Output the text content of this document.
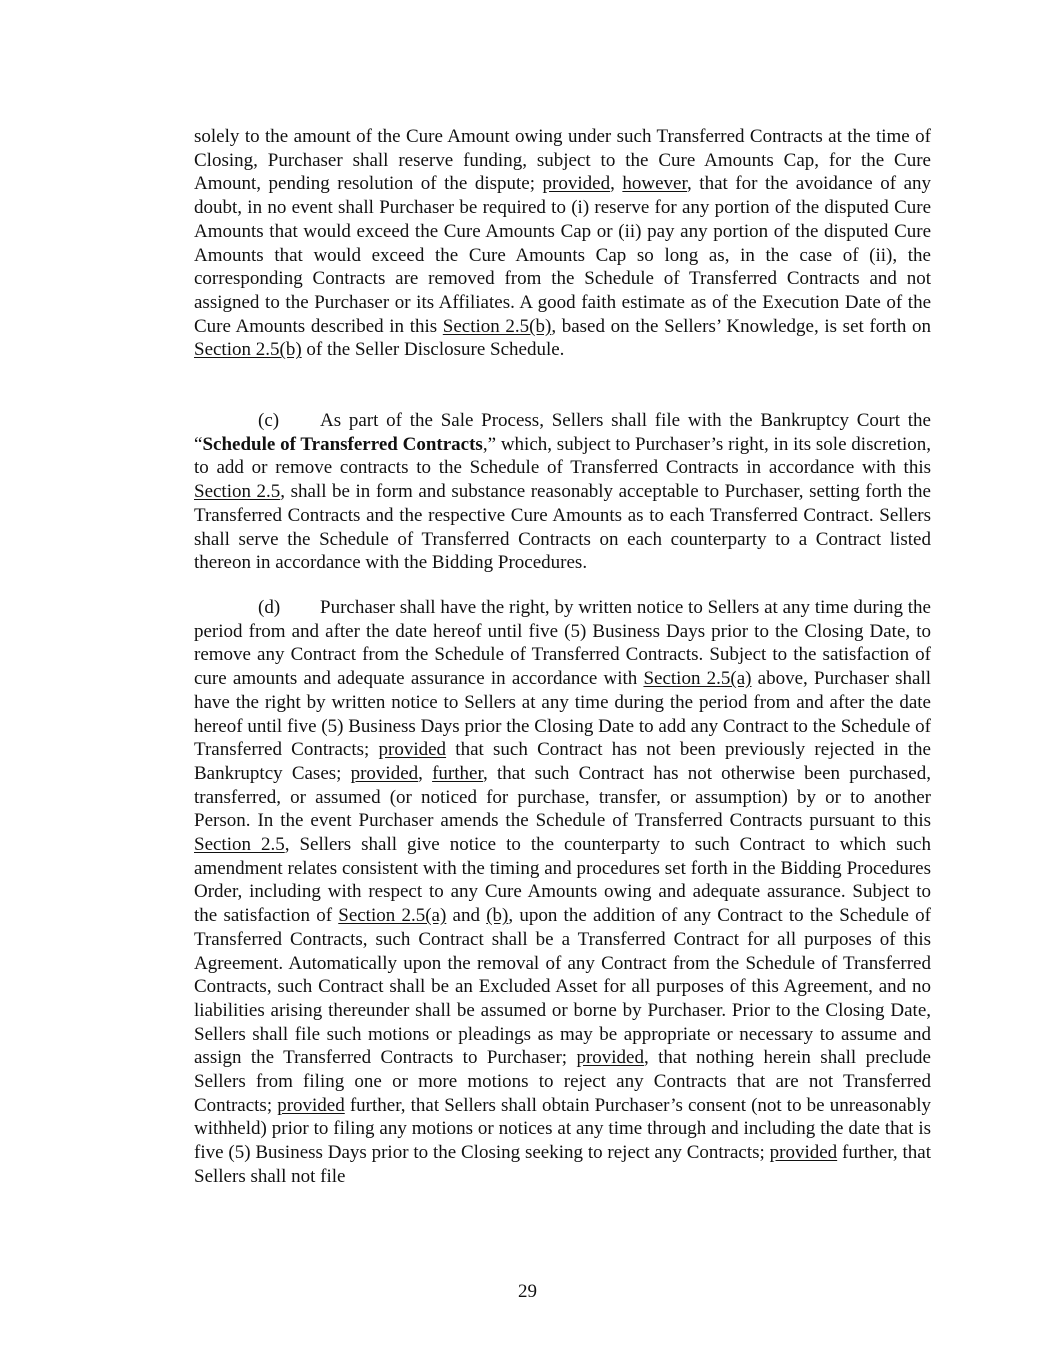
solely to the amount of the Cure Amount owing under such Transferred Contracts at the time of Closing, Purchaser shall reserve funding, subject to the Cure Amounts Cap, for the Cure Amount, pending resolution of the dispute; provided, however, that for the avoidance of any doubt, in no event shall Purchaser be required to (i) reserve for any portion of the disputed Cure Amounts that would exceed the Cure Amounts Cap or (ii) pay any portion of the disputed Cure Amounts that would exceed the Cure Amounts Cap so long as, in the case of (ii), the corresponding Contracts are removed from the Schedule of Transferred Contracts and not assigned to the Purchaser or its Affiliates. A good faith estimate as of the Execution Date of the Cure Amounts described in this Section 2.5(b), based on the Sellers’ Knowledge, is set forth on Section 2.5(b) of the Seller Disclosure Schedule.
(c) As part of the Sale Process, Sellers shall file with the Bankruptcy Court the “Schedule of Transferred Contracts,” which, subject to Purchaser’s right, in its sole discretion, to add or remove contracts to the Schedule of Transferred Contracts in accordance with this Section 2.5, shall be in form and substance reasonably acceptable to Purchaser, setting forth the Transferred Contracts and the respective Cure Amounts as to each Transferred Contract. Sellers shall serve the Schedule of Transferred Contracts on each counterparty to a Contract listed thereon in accordance with the Bidding Procedures.
(d) Purchaser shall have the right, by written notice to Sellers at any time during the period from and after the date hereof until five (5) Business Days prior to the Closing Date, to remove any Contract from the Schedule of Transferred Contracts. Subject to the satisfaction of cure amounts and adequate assurance in accordance with Section 2.5(a) above, Purchaser shall have the right by written notice to Sellers at any time during the period from and after the date hereof until five (5) Business Days prior the Closing Date to add any Contract to the Schedule of Transferred Contracts; provided that such Contract has not been previously rejected in the Bankruptcy Cases; provided, further, that such Contract has not otherwise been purchased, transferred, or assumed (or noticed for purchase, transfer, or assumption) by or to another Person. In the event Purchaser amends the Schedule of Transferred Contracts pursuant to this Section 2.5, Sellers shall give notice to the counterparty to such Contract to which such amendment relates consistent with the timing and procedures set forth in the Bidding Procedures Order, including with respect to any Cure Amounts owing and adequate assurance. Subject to the satisfaction of Section 2.5(a) and (b), upon the addition of any Contract to the Schedule of Transferred Contracts, such Contract shall be a Transferred Contract for all purposes of this Agreement. Automatically upon the removal of any Contract from the Schedule of Transferred Contracts, such Contract shall be an Excluded Asset for all purposes of this Agreement, and no liabilities arising thereunder shall be assumed or borne by Purchaser. Prior to the Closing Date, Sellers shall file such motions or pleadings as may be appropriate or necessary to assume and assign the Transferred Contracts to Purchaser; provided, that nothing herein shall preclude Sellers from filing one or more motions to reject any Contracts that are not Transferred Contracts; provided further, that Sellers shall obtain Purchaser’s consent (not to be unreasonably withheld) prior to filing any motions or notices at any time through and including the date that is five (5) Business Days prior to the Closing seeking to reject any Contracts; provided further, that Sellers shall not file
29
